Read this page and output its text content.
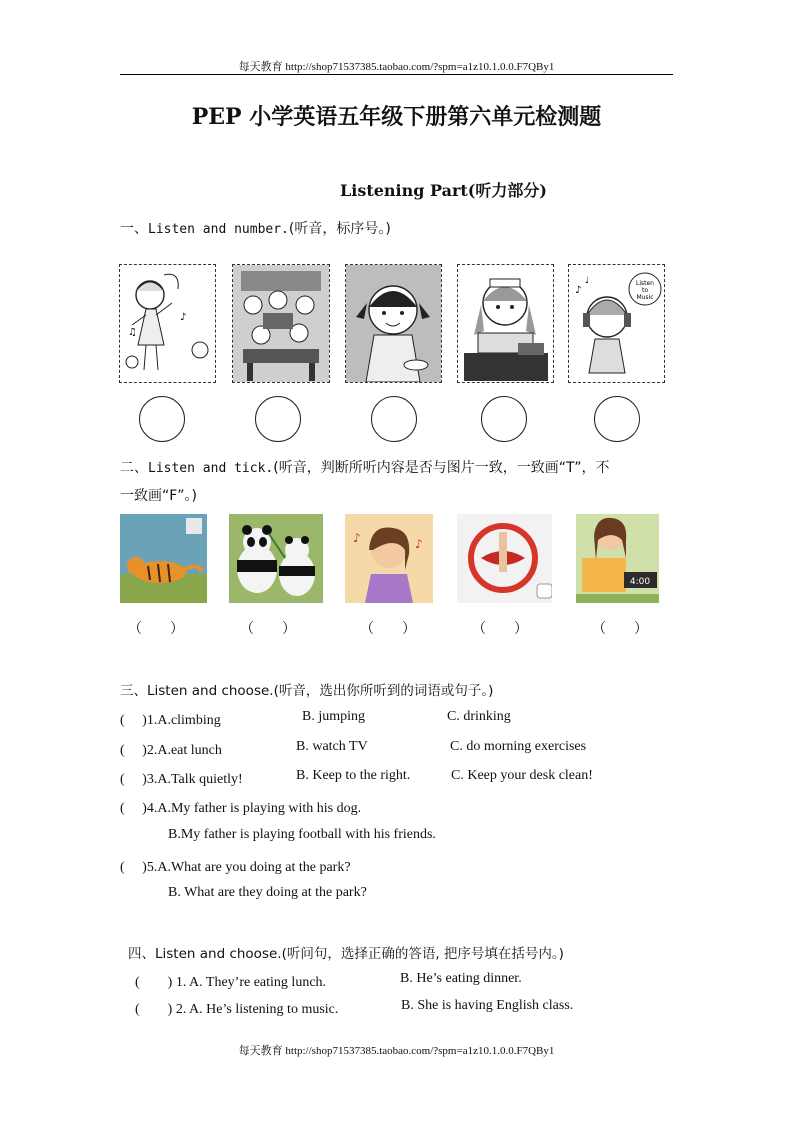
每天教育 http://shop71537385.taobao.com/?spm=a1z10.1.0.0.F7QBy1
PEP 小学英语五年级下册第六单元检测题
Listening Part(听力部分)
一、Listen and number.(听音，标序号。)
♪
♫
Listen
to
Music
♪
♩
二、Listen and tick.(听音，判断所听内容是否与图片一致，一致画“T”，不
一致画“F”。)
♪	♪
4:00
（　　）	（　　）	（　　）	（　　）	（　　）
三、Listen and choose.(听音，选出你所听到的词语或句子。)
(　 )1.A.climbing	B. jumping	C. drinking
(　 )2.A.eat lunch	B. watch TV	C. do morning exercises
(　 )3.A.Talk quietly!	B. Keep to the right.	C. Keep your desk clean!
(　 )4.A.My father is playing with his dog.
B.My father is playing football with his friends.
(　 )5.A.What are you doing at the park?
B. What are they doing at the park?
四、Listen and choose.(听问句，选择正确的答语, 把序号填在括号内。)
(　　) 1. A. They’re eating lunch.	B. He’s eating dinner.
(　　) 2. A. He’s listening to music.	B. She is having English class.
每天教育 http://shop71537385.taobao.com/?spm=a1z10.1.0.0.F7QBy1
